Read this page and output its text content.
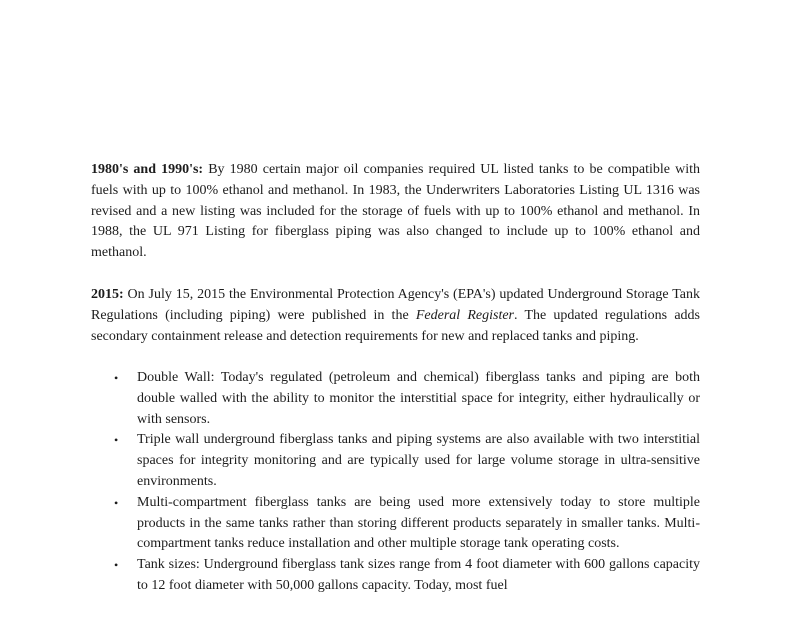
1980's and 1990's: By 1980 certain major oil companies required UL listed tanks to be compatible with fuels with up to 100% ethanol and methanol. In 1983, the Underwriters Laboratories Listing UL 1316 was revised and a new listing was included for the storage of fuels with up to 100% ethanol and methanol. In 1988, the UL 971 Listing for fiberglass piping was also changed to include up to 100% ethanol and methanol.

2015: On July 15, 2015 the Environmental Protection Agency's (EPA's) updated Underground Storage Tank Regulations (including piping) were published in the Federal Register. The updated regulations adds secondary containment release and detection requirements for new and replaced tanks and piping.

• Double Wall: Today's regulated (petroleum and chemical) fiberglass tanks and piping are both double walled with the ability to monitor the interstitial space for integrity, either hydraulically or with sensors.
• Triple wall underground fiberglass tanks and piping systems are also available with two interstitial spaces for integrity monitoring and are typically used for large volume storage in ultra-sensitive environments.
• Multi-compartment fiberglass tanks are being used more extensively today to store multiple products in the same tanks rather than storing different products separately in smaller tanks. Multi-compartment tanks reduce installation and other multiple storage tank operating costs.
• Tank sizes: Underground fiberglass tank sizes range from 4 foot diameter with 600 gallons capacity to 12 foot diameter with 50,000 gallons capacity. Today, most fuel
